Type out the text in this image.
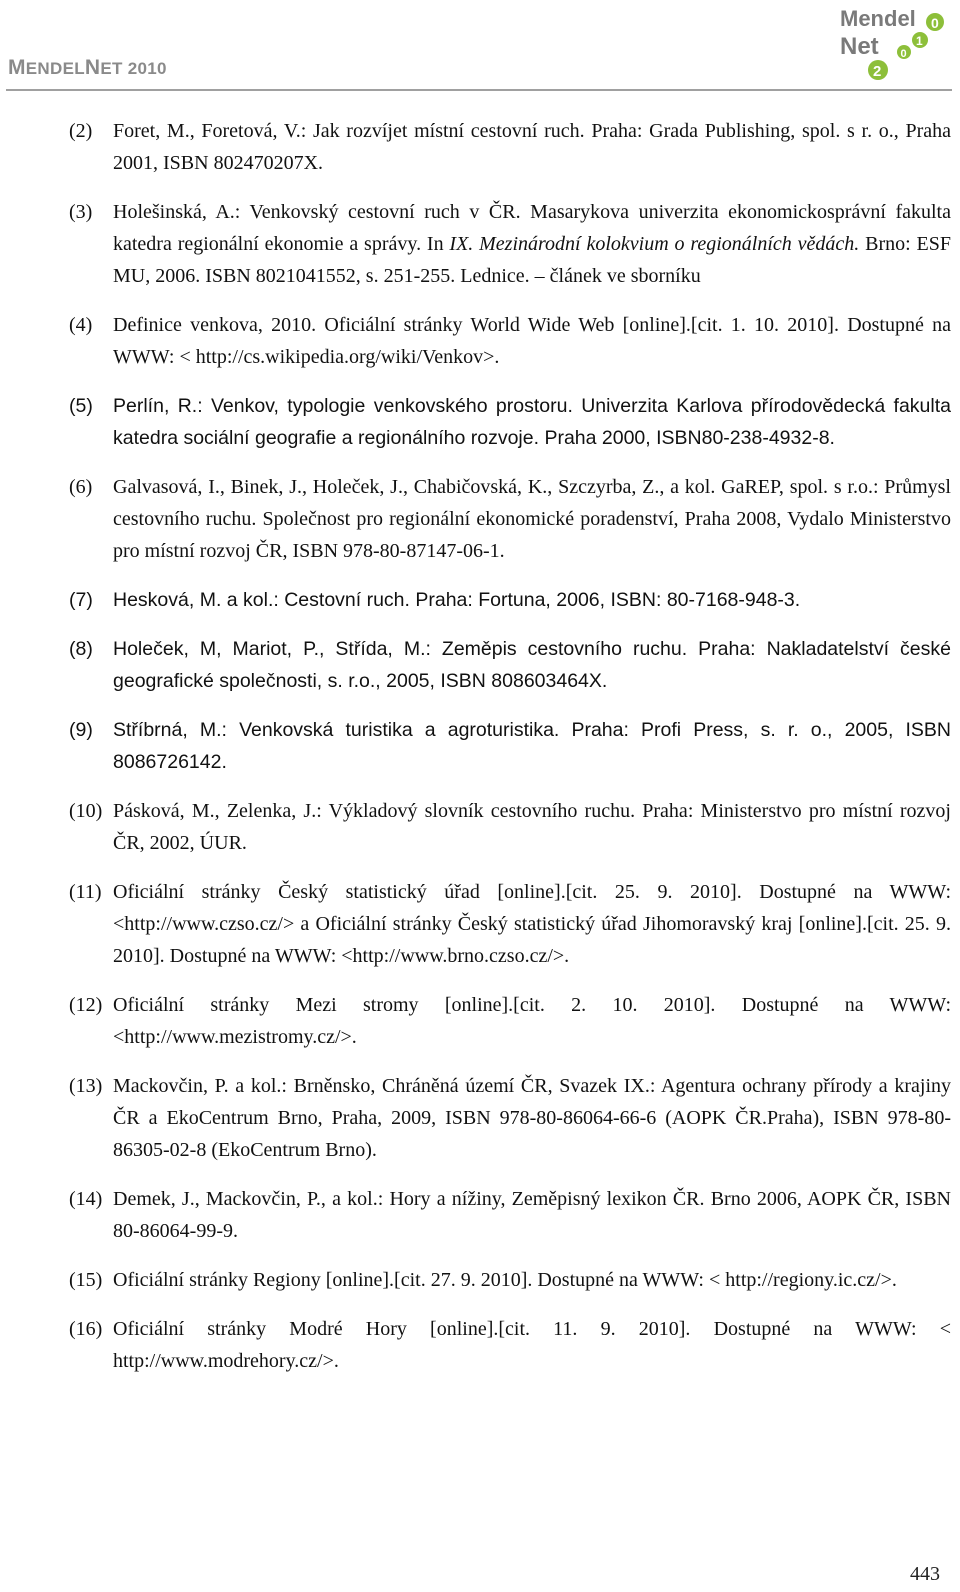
MENDELNET 2010
Mendel 0
Net	1
0
2
(2)	Foret, M., Foretová, V.: Jak rozvíjet místní cestovní ruch. Praha: Grada Publishing, spol. s r. o., Praha 2001, ISBN 802470207X.
(3)	Holešinská, A.: Venkovský cestovní ruch v ČR. Masarykova univerzita ekonomickosprávní fakulta katedra regionální ekonomie a správy. In IX. Mezinárodní kolokvium o regionálních vědách. Brno: ESF MU, 2006. ISBN 8021041552, s. 251-255. Lednice. – článek ve sborníku
(4)	Definice venkova, 2010. Oficiální stránky World Wide Web [online].[cit. 1. 10. 2010]. Dostupné na WWW: < http://cs.wikipedia.org/wiki/Venkov>.
(5)	Perlín, R.: Venkov, typologie venkovského prostoru. Univerzita Karlova přírodovědecká fakulta katedra sociální geografie a regionálního rozvoje. Praha 2000, ISBN80-238-4932-8.
(6)	Galvasová, I., Binek, J., Holeček, J., Chabičovská, K., Szczyrba, Z., a kol. GaREP, spol. s r.o.: Průmysl cestovního ruchu. Společnost pro regionální ekonomické poradenství, Praha 2008, Vydalo Ministerstvo pro místní rozvoj ČR, ISBN 978-80-87147-06-1.
(7)	Hesková, M. a kol.: Cestovní ruch. Praha: Fortuna, 2006, ISBN: 80-7168-948-3.
(8)	Holeček, M, Mariot, P., Střída, M.: Zeměpis cestovního ruchu. Praha: Nakladatelství české geografické společnosti, s. r.o., 2005, ISBN 808603464X.
(9)	Stříbrná, M.: Venkovská turistika a agroturistika. Praha: Profi Press, s. r. o., 2005, ISBN 8086726142.
(10) Pásková, M., Zelenka, J.: Výkladový slovník cestovního ruchu. Praha: Ministerstvo pro místní rozvoj ČR, 2002, ÚUR.
(11) Oficiální stránky Český statistický úřad [online].[cit. 25. 9. 2010]. Dostupné na WWW: <http://www.czso.cz/> a Oficiální stránky Český statistický úřad Jihomoravský kraj [online].[cit. 25. 9. 2010]. Dostupné na WWW: <http://www.brno.czso.cz/>.
(12) Oficiální stránky Mezi stromy [online].[cit. 2. 10. 2010]. Dostupné na WWW: <http://www.mezistromy.cz/>.
(13) Mackovčin, P. a kol.: Brněnsko, Chráněná území ČR, Svazek IX.: Agentura ochrany přírody a krajiny ČR a EkoCentrum Brno, Praha, 2009, ISBN 978-80-86064-66-6 (AOPK ČR.Praha), ISBN 978-80-86305-02-8 (EkoCentrum Brno).
(14) Demek, J., Mackovčin, P., a kol.: Hory a nížiny, Zeměpisný lexikon ČR. Brno 2006, AOPK ČR, ISBN 80-86064-99-9.
(15) Oficiální stránky Regiony [online].[cit. 27. 9. 2010]. Dostupné na WWW: < http://regiony.ic.cz/>.
(16) Oficiální stránky Modré Hory [online].[cit. 11. 9. 2010]. Dostupné na WWW: < http://www.modrehory.cz/>.
443
